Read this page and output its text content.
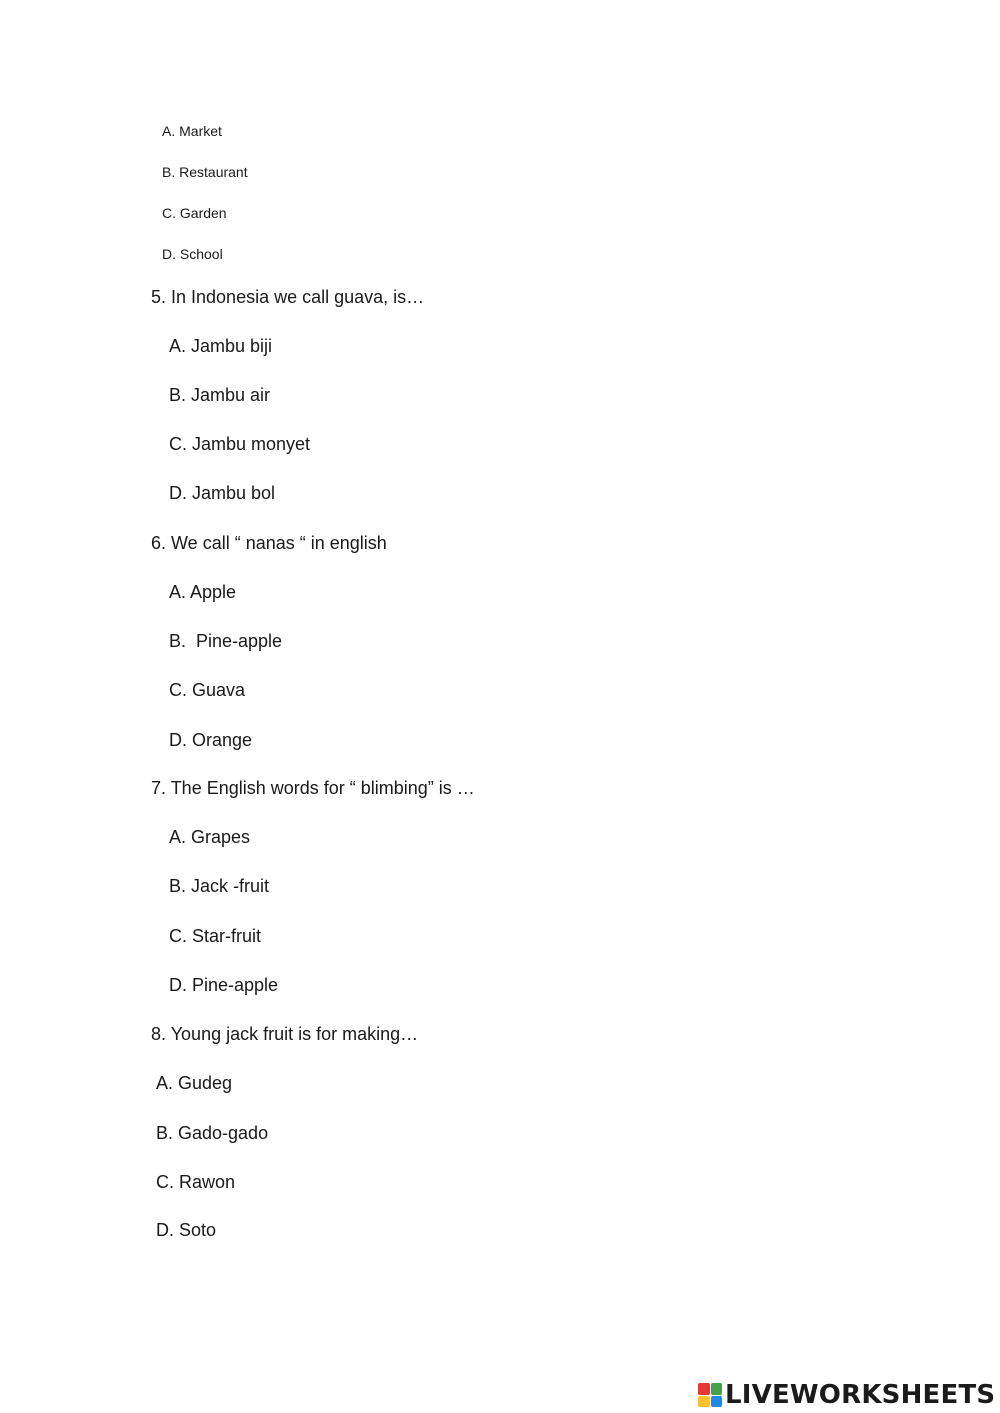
A. Market
B. Restaurant
C. Garden
D. School
5. In Indonesia we call guava, is…
A. Jambu biji
B. Jambu air
C. Jambu monyet
D. Jambu bol
6. We call “ nanas “ in english
A. Apple
B.  Pine-apple
C. Guava
D. Orange
7. The English words for “ blimbing” is …
A. Grapes
B. Jack -fruit
C. Star-fruit
D. Pine-apple
8. Young jack fruit is for making…
A. Gudeg
B. Gado-gado
C. Rawon
D. Soto
LIVEWORKSHEETS
